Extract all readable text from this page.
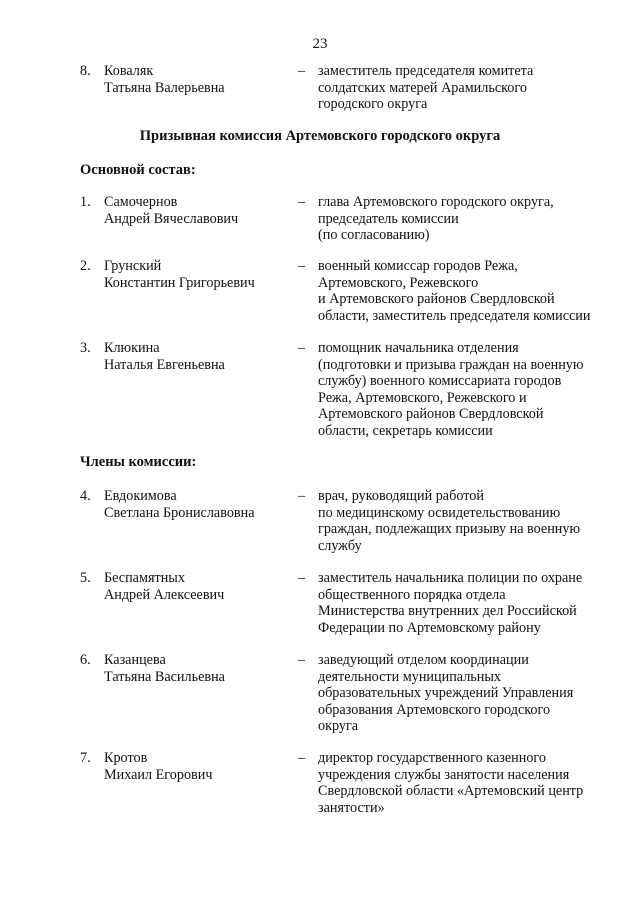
23
8. Коваляк
Татьяна Валерьевна
– заместитель председателя комитета
солдатских матерей Арамильского
городского округа
Призывная комиссия Артемовского городского округа
Основной состав:
1. Самочернов
Андрей Вячеславович
– глава Артемовского городского округа,
председатель комиссии
(по согласованию)
2. Грунский
Константин Григорьевич
– военный комиссар городов Режа,
Артемовского, Режевского
и Артемовского районов Свердловской
области, заместитель председателя комиссии
3. Клюкина
Наталья Евгеньевна
– помощник начальника отделения
(подготовки и призыва граждан на военную
службу) военного комиссариата городов
Режа, Артемовского, Режевского и
Артемовского районов Свердловской
области, секретарь комиссии
Члены комиссии:
4. Евдокимова
Светлана Брониславовна
– врач, руководящий работой
по медицинскому освидетельствованию
граждан, подлежащих призыву на военную
службу
5. Беспамятных
Андрей Алексеевич
– заместитель начальника полиции по охране
общественного порядка отдела
Министерства внутренних дел Российской
Федерации по Артемовскому району
6. Казанцева
Татьяна Васильевна
– заведующий отделом координации
деятельности муниципальных
образовательных учреждений Управления
образования Артемовского городского
округа
7. Кротов
Михаил Егорович
– директор государственного казенного
учреждения службы занятости населения
Свердловской области «Артемовский центр
занятости»
